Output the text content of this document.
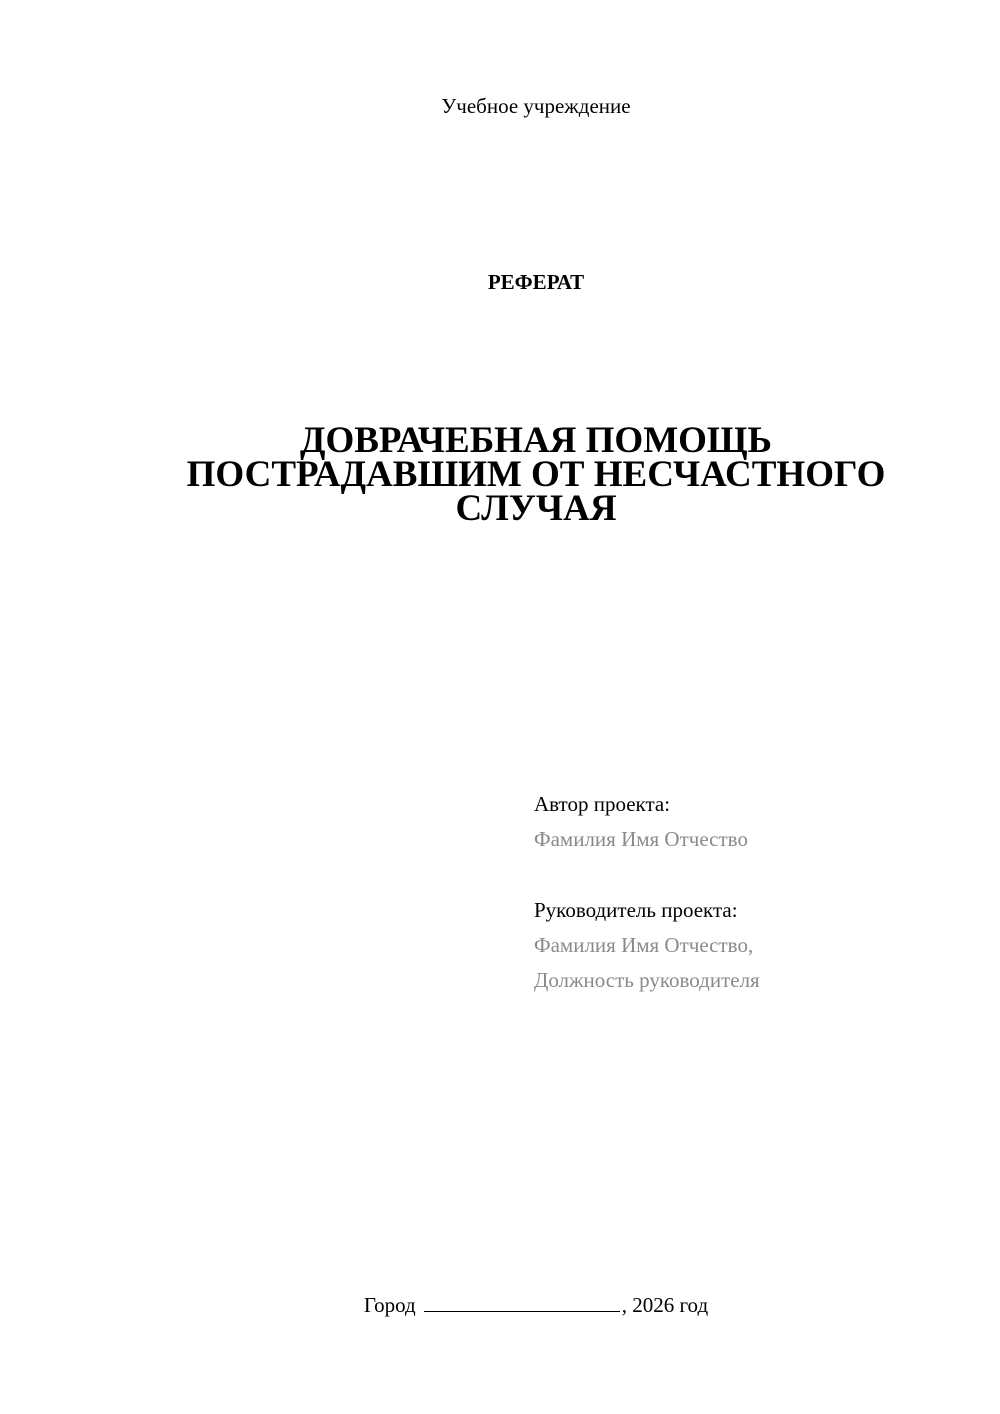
Учебное учреждение
РЕФЕРАТ
ДОВРАЧЕБНАЯ ПОМОЩЬ
ПОСТРАДАВШИМ ОТ НЕСЧАСТНОГО
СЛУЧАЯ
Автор проекта:
Фамилия Имя Отчество
Руководитель проекта:
Фамилия Имя Отчество,
Должность руководителя
Город	, 2026 год
